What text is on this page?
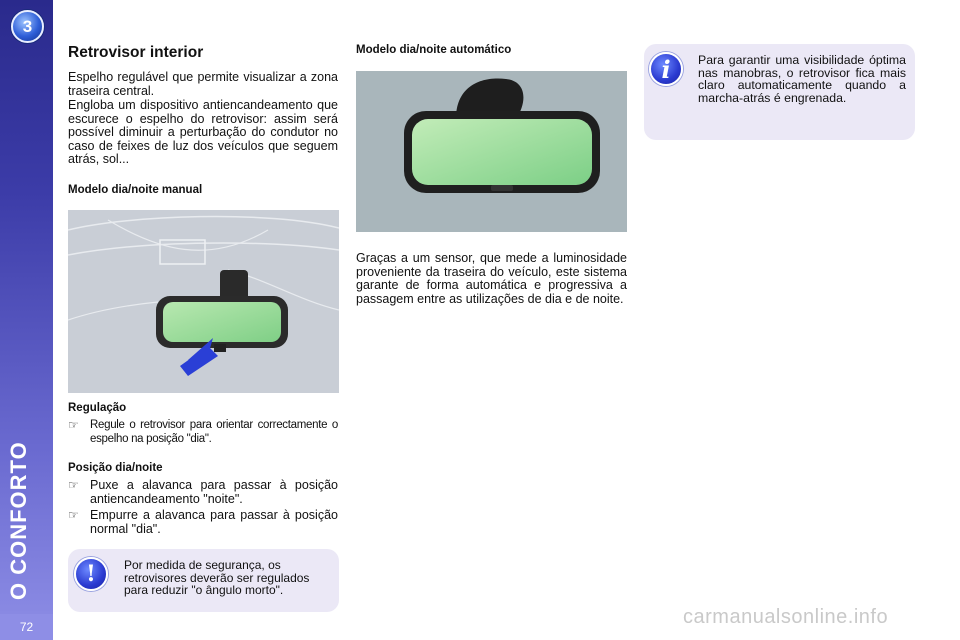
3
O CONFORTO
72
Retrovisor interior

Espelho regulável que permite visualizar a zona traseira central.

Engloba um dispositivo antiencandeamento que escurece o espelho do retrovisor: assim será possível diminuir a perturbação do condutor no caso de feixes de luz dos veículos que seguem atrás, sol...

Modelo dia/noite manual
Regulação
☞ Regule o retrovisor para orientar correctamente o espelho na posição "dia".
Posição dia/noite
☞ Puxe a alavanca para passar à posição antiencandeamento "noite".
☞ Empurre a alavanca para passar à posição normal "dia".
!	Por medida de segurança, os retrovisores deverão ser regulados para reduzir "o ângulo morto".
Modelo dia/noite automático

Graças a um sensor, que mede a luminosidade proveniente da traseira do veículo, este sistema garante de forma automática e progressiva a passagem entre as utilizações de dia e de noite.

i	Para garantir uma visibilidade óptima nas manobras, o retrovisor fica mais claro automaticamente quando a marcha-atrás é engrenada.
carmanualsonline.info
